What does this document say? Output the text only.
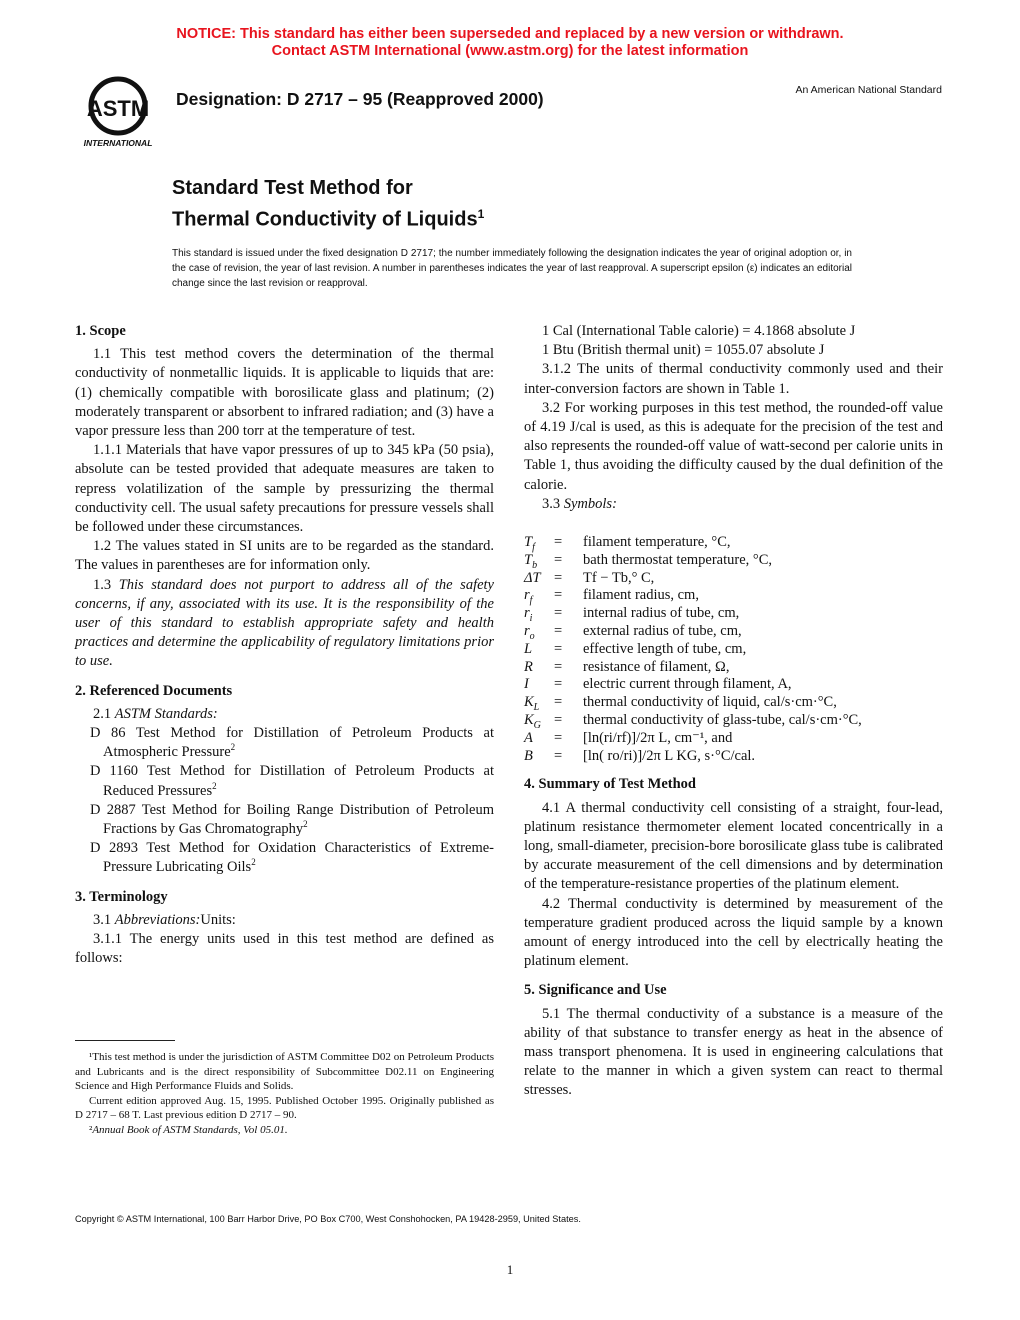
NOTICE: This standard has either been superseded and replaced by a new version or withdrawn.
Contact ASTM International (www.astm.org) for the latest information
ASTM
INTERNATIONAL
Designation: D 2717 – 95 (Reapproved 2000)	An American National Standard
Standard Test Method for
Thermal Conductivity of Liquids$^1$
This standard is issued under the fixed designation D 2717; the number immediately following the designation indicates the year of original adoption or, in the case of revision, the year of last revision. A number in parentheses indicates the year of last reapproval. A superscript epsilon (ε) indicates an editorial change since the last revision or reapproval.
1. Scope

1.1 This test method covers the determination of the thermal conductivity of nonmetallic liquids. It is applicable to liquids that are: (1) chemically compatible with borosilicate glass and platinum; (2) moderately transparent or absorbent to infrared radiation; and (3) have a vapor pressure less than 200 torr at the temperature of test.

1.1.1 Materials that have vapor pressures of up to 345 kPa (50 psia), absolute can be tested provided that adequate measures are taken to repress volatilization of the sample by pressurizing the thermal conductivity cell. The usual safety precautions for pressure vessels shall be followed under these circumstances.

1.2 The values stated in SI units are to be regarded as the standard. The values in parentheses are for information only.

1.3 This standard does not purport to address all of the safety concerns, if any, associated with its use. It is the responsibility of the user of this standard to establish appropriate safety and health practices and determine the applicability of regulatory limitations prior to use.

2. Referenced Documents

2.1 ASTM Standards:

D 86 Test Method for Distillation of Petroleum Products at Atmospheric Pressure$^2$

D 1160 Test Method for Distillation of Petroleum Products at Reduced Pressures$^2$

D 2887 Test Method for Boiling Range Distribution of Petroleum Fractions by Gas Chromatography$^2$

D 2893 Test Method for Oxidation Characteristics of Extreme-Pressure Lubricating Oils$^2$

3. Terminology

3.1 Abbreviations:Units:

3.1.1 The energy units used in this test method are defined as follows:

1 Cal (International Table calorie) = 4.1868 absolute J

1 Btu (British thermal unit) = 1055.07 absolute J

3.1.2 The units of thermal conductivity commonly used and their inter-conversion factors are shown in Table 1.

3.2 For working purposes in this test method, the rounded-off value of 4.19 J/cal is used, as this is adequate for the precision of the test and also represents the rounded-off value of watt-second per calorie units in Table 1, thus avoiding the difficulty caused by the dual definition of the calorie.

3.3 Symbols:

$T_f$	=	filament temperature, °C,
$T_b$	=	bath thermostat temperature, °C,
ΔT =	Tf − Tb,° C,
$r_f$	=	filament radius, cm,
$r_i$	=	internal radius of tube, cm,
$r_o$	=	external radius of tube, cm,
L	=	effective length of tube, cm,
R	=	resistance of filament, Ω,
I	=	electric current through filament, A,
$K_L$	=	thermal conductivity of liquid, cal/s·cm·°C,
$K_G$ =	thermal conductivity of glass-tube, cal/s·cm·°C,
A	=	[ln(ri/rf)]/2π L, cm⁻¹, and
B	=	[ln( ro/ri)]/2π L KG, s·°C/cal.
4. Summary of Test Method

4.1 A thermal conductivity cell consisting of a straight, four-lead, platinum resistance thermometer element located concentrically in a long, small-diameter, precision-bore borosilicate glass tube is calibrated by accurate measurement of the cell dimensions and by determination of the temperature-resistance properties of the platinum element.

4.2 Thermal conductivity is determined by measurement of the temperature gradient produced across the liquid sample by a known amount of energy introduced into the cell by electrically heating the platinum element.

5. Significance and Use

5.1 The thermal conductivity of a substance is a measure of the ability of that substance to transfer energy as heat in the absence of mass transport phenomena. It is used in engineering calculations that relate to the manner in which a given system can react to thermal stresses.

¹This test method is under the jurisdiction of ASTM Committee D02 on Petroleum Products and Lubricants and is the direct responsibility of Subcommittee D02.11 on Engineering Science and High Performance Fluids and Solids.

Current edition approved Aug. 15, 1995. Published October 1995. Originally published as D 2717 – 68 T. Last previous edition D 2717 – 90.

²Annual Book of ASTM Standards, Vol 05.01.

Copyright © ASTM International, 100 Barr Harbor Drive, PO Box C700, West Conshohocken, PA 19428-2959, United States.
1
